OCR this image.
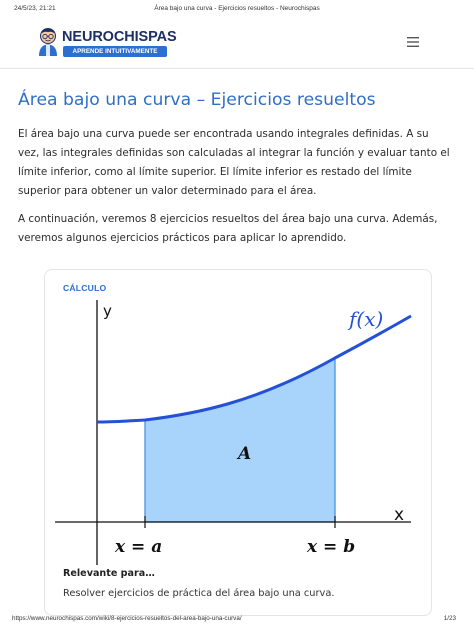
24/5/23, 21:21	Área bajo una curva - Ejercicios resueltos - Neurochispas
NEUROCHISPAS
APRENDE INTUITIVAMENTE
Área bajo una curva – Ejercicios resueltos

El área bajo una curva puede ser encontrada usando integrales definidas. A su vez, las integrales definidas son calculadas al integrar la función y evaluar tanto el límite inferior, como al límite superior. El límite inferior es restado del límite superior para obtener un valor determinado para el área.

A continuación, veremos 8 ejercicios resueltos del área bajo una curva. Además, veremos algunos ejercicios prácticos para aplicar lo aprendido.

y
x
f(x)
A
x = a	x = b
CÁLCULO
Relevante para…
Resolver ejercicios de práctica del área bajo una curva.
https://www.neurochispas.com/wiki/8-ejercicios-resueltos-del-area-bajo-una-curva/	1/23
